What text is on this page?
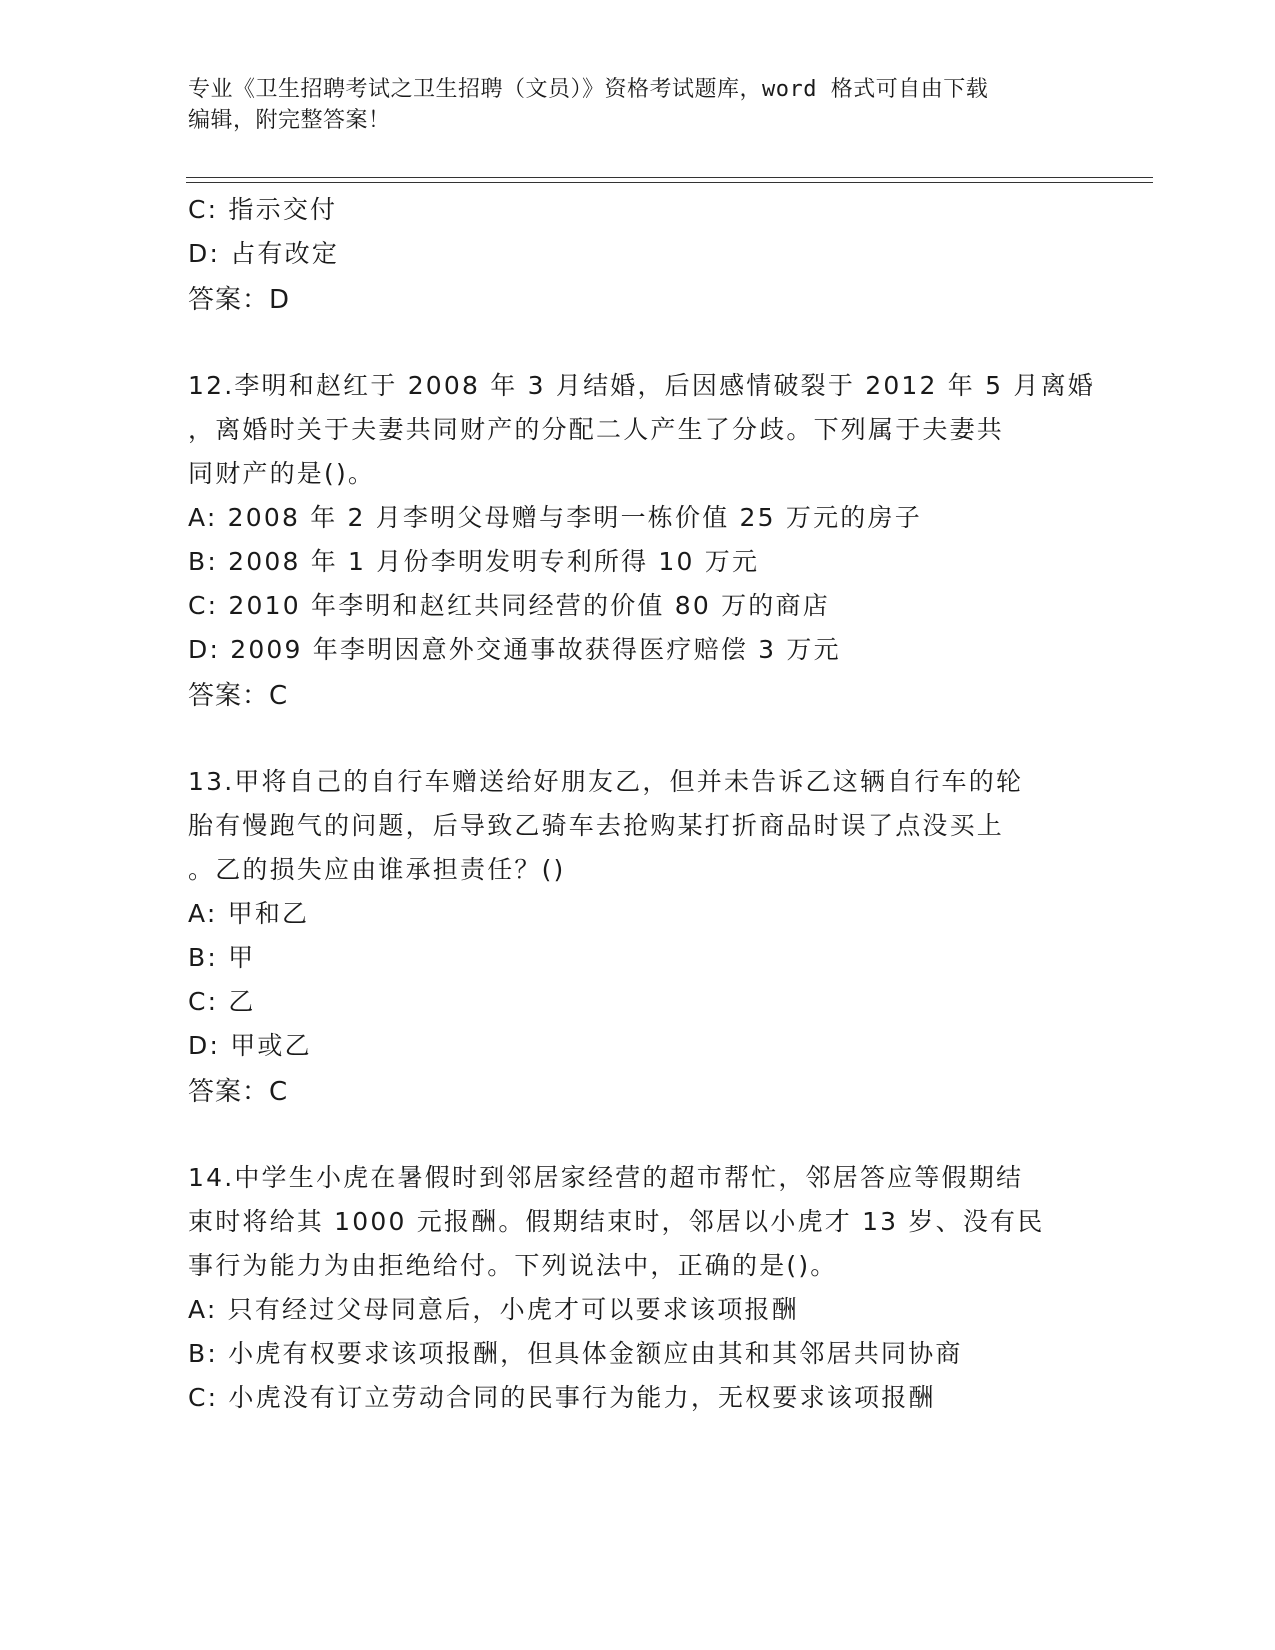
专业《卫生招聘考试之卫生招聘（文员）》资格考试题库，word 格式可自由下载
编辑，附完整答案！
C: 指示交付
D: 占有改定
答案：D
12.李明和赵红于 2008 年 3 月结婚，后因感情破裂于 2012 年 5 月离婚
，离婚时关于夫妻共同财产的分配二人产生了分歧。下列属于夫妻共
同财产的是()。
A: 2008 年 2 月李明父母赠与李明一栋价值 25 万元的房子
B: 2008 年 1 月份李明发明专利所得 10 万元
C: 2010 年李明和赵红共同经营的价值 80 万的商店
D: 2009 年李明因意外交通事故获得医疗赔偿 3 万元
答案：C
13.甲将自己的自行车赠送给好朋友乙，但并未告诉乙这辆自行车的轮
胎有慢跑气的问题，后导致乙骑车去抢购某打折商品时误了点没买上
。乙的损失应由谁承担责任？()
A: 甲和乙
B: 甲
C: 乙
D: 甲或乙
答案：C
14.中学生小虎在暑假时到邻居家经营的超市帮忙，邻居答应等假期结
束时将给其 1000 元报酬。假期结束时，邻居以小虎才 13 岁、没有民
事行为能力为由拒绝给付。下列说法中，正确的是()。
A: 只有经过父母同意后，小虎才可以要求该项报酬
B: 小虎有权要求该项报酬，但具体金额应由其和其邻居共同协商
C: 小虎没有订立劳动合同的民事行为能力，无权要求该项报酬
